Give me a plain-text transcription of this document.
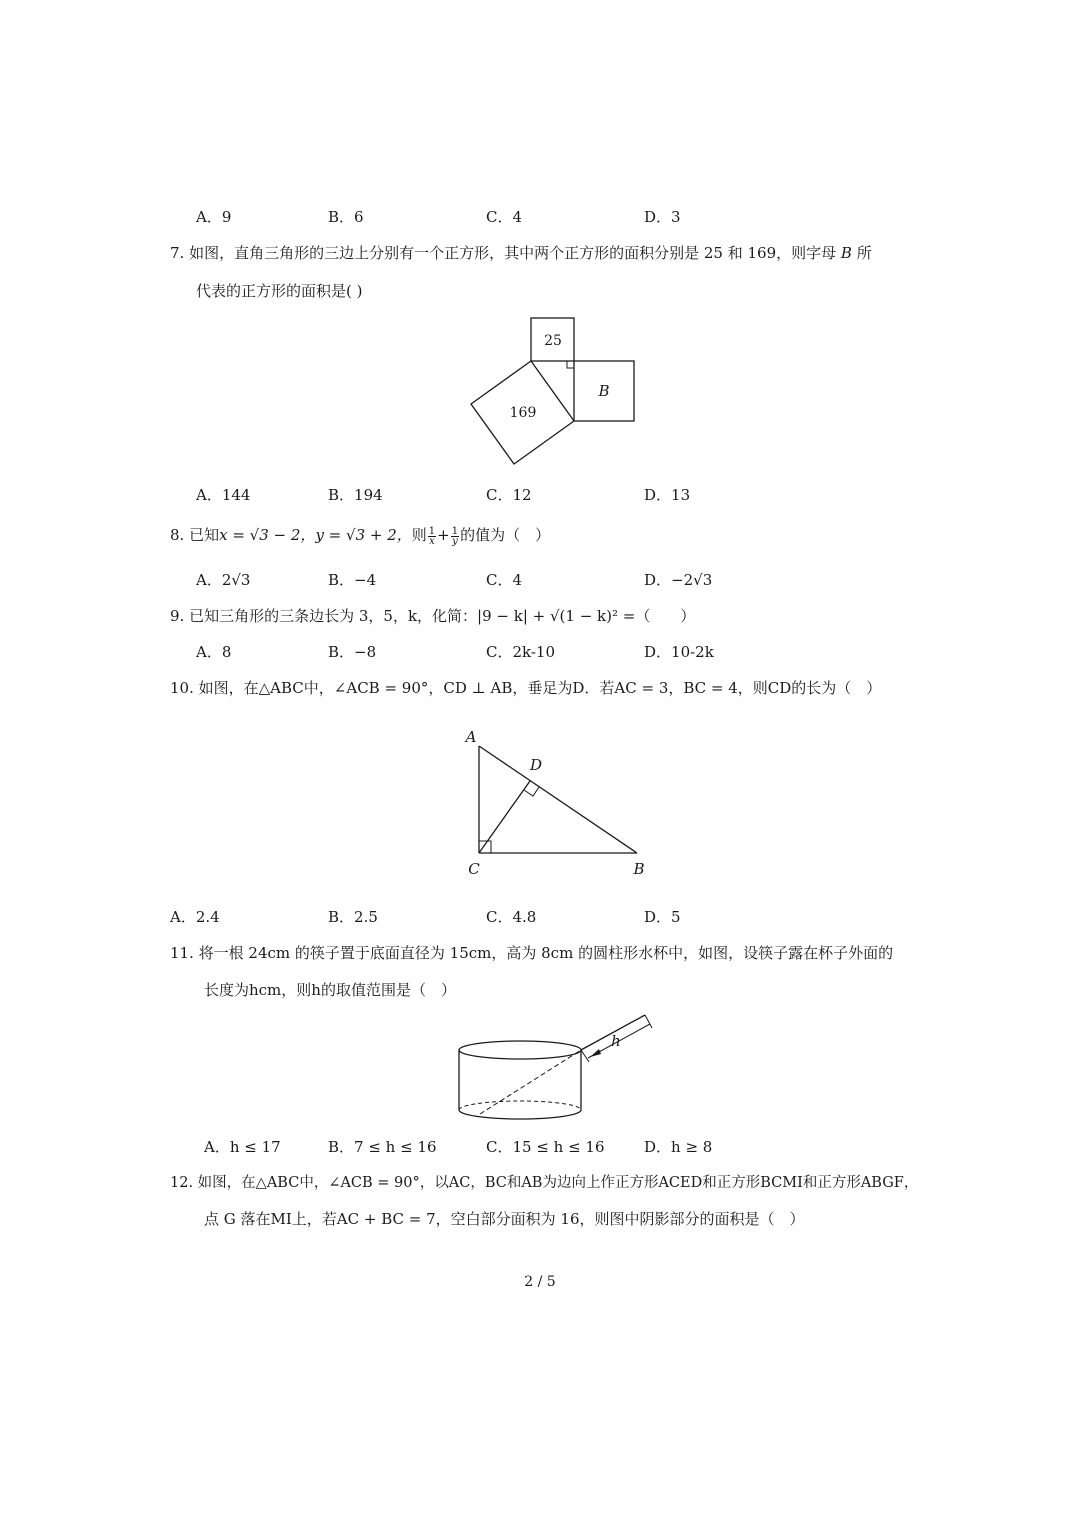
A．9	B．6	C．4	D．3
7. 如图，直角三角形的三边上分别有一个正方形，其中两个正方形的面积分别是 25 和 169，则字母 B 所
代表的正方形的面积是( )
25
169
B
A．144	B．194	C．12	D．13
8. 已知x = √3 − 2，y = √3 + 2，则 $\frac{1}{x} + \frac{1}{y}$ 的值为（　）
A．2√3	B．−4	C．4	D．−2√3
9. 已知三角形的三条边长为 3，5，k，化简：|9 − k| + √(1 − k)² =（　　）
A．8	B．−8	C．2k-10	D．10-2k
10. 如图，在△ABC中，∠ACB = 90°，CD ⊥ AB，垂足为D．若AC = 3，BC = 4，则CD的长为（　）
A
D
C	B
A．2.4	B．2.5	C．4.8	D．5
11. 将一根 24cm 的筷子置于底面直径为 15cm，高为 8cm 的圆柱形水杯中，如图，设筷子露在杯子外面的
长度为hcm，则h的取值范围是（　）
h
A．h ≤ 17	B．7 ≤ h ≤ 16	C．15 ≤ h ≤ 16	D．h ≥ 8
12. 如图，在△ABC中，∠ACB = 90°，以AC，BC和AB为边向上作正方形ACED和正方形BCMI和正方形ABGF，
点 G 落在MI上，若AC + BC = 7，空白部分面积为 16，则图中阴影部分的面积是（　）
2 / 5
